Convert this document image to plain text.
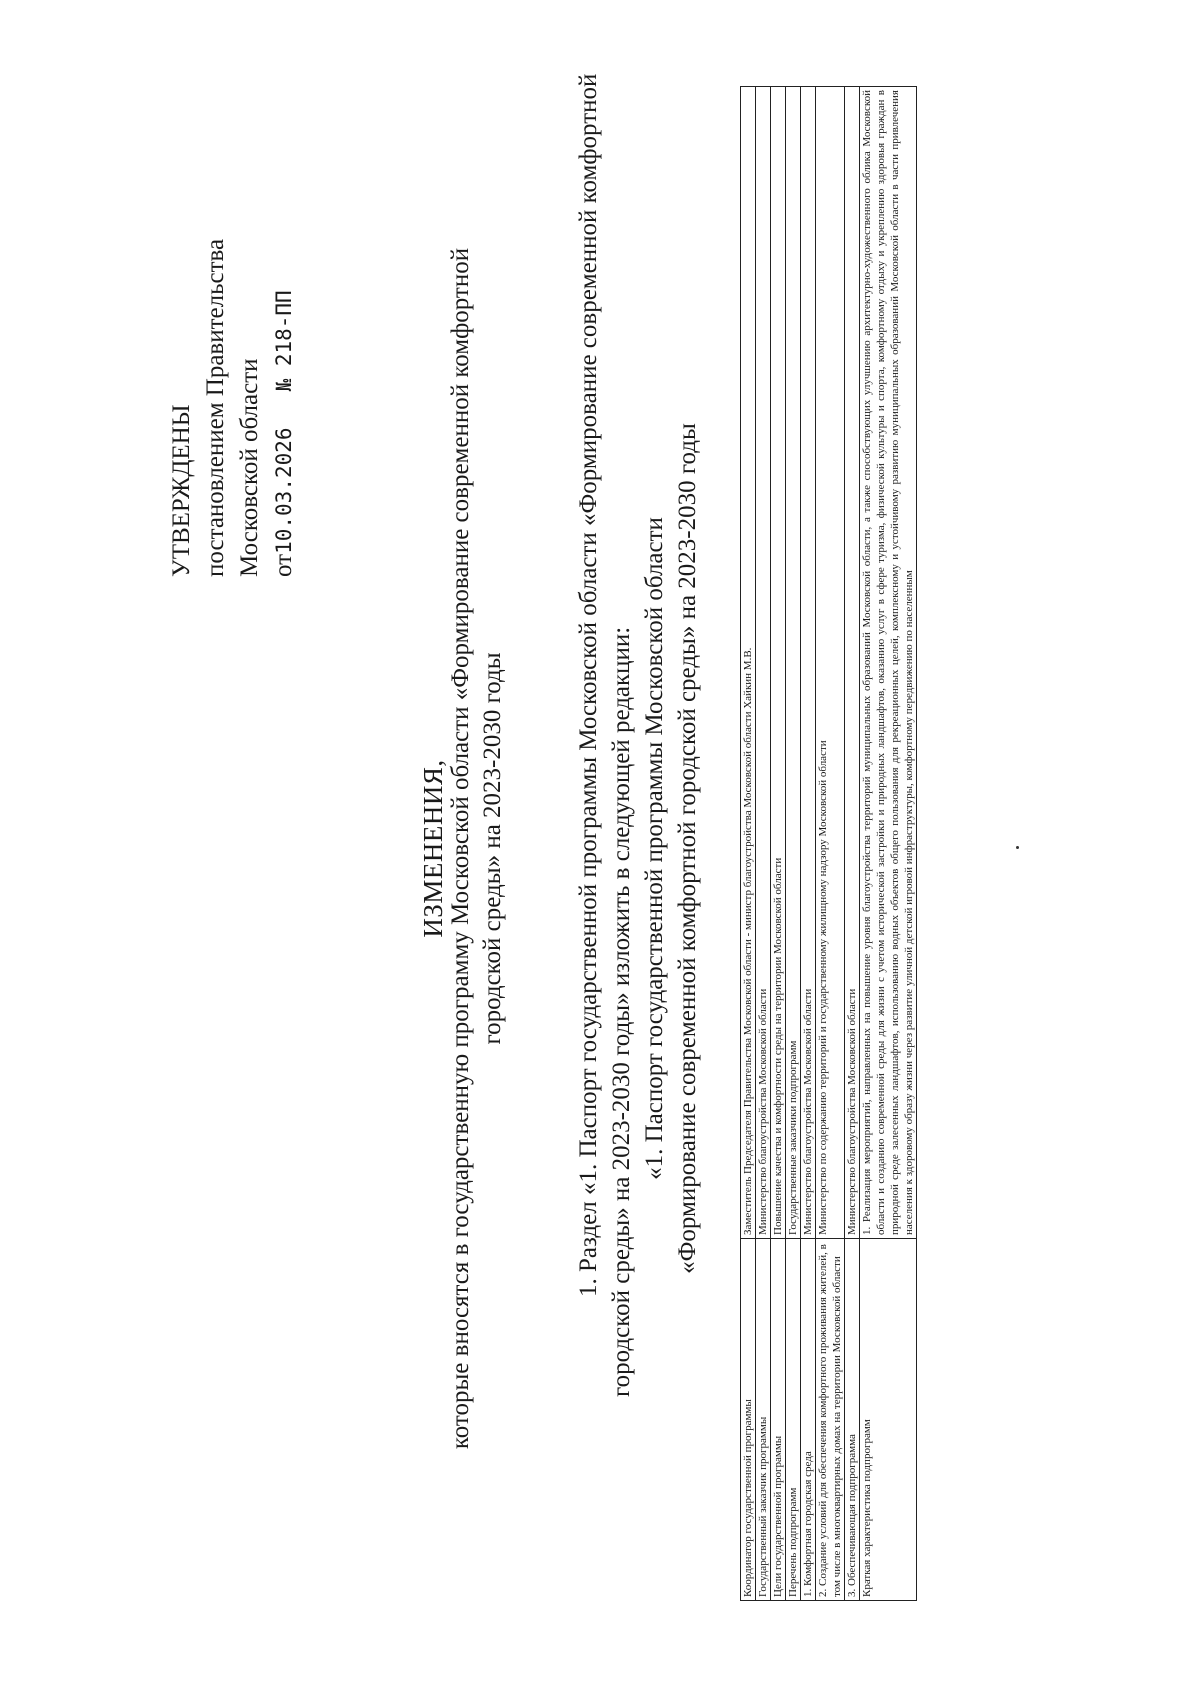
УТВЕРЖДЕНЫ постановлением Правительства Московской области от10.03.2026№ 218-ПП
ИЗМЕНЕНИЯ, которые вносятся в государственную программу Московской области «Формирование современной комфортной городской среды» на 2023-2030 годы	1. Раздел «1. Паспорт государственной программы Московской области «Формирование современной комфортной городской среды» на 2023-2030 годы» изложить в следующей редакции: «1. Паспорт государственной программы Московской области «Формирование современной комфортной городской среды» на 2023-2030 годы
Координатор государственной программы	Заместитель Председателя Правительства Московской области - министр благоустройства Московской области Хайкин М.В.
Государственный заказчик программы	Министерство благоустройства Московской области
Цели государственной программы	Повышение качества и комфортности среды на территории Московской области
Перечень подпрограмм	Государственные заказчики подпрограмм
1. Комфортная городская среда	Министерство благоустройства Московской области
2. Создание условий для обеспечения комфортного проживания жителей, в том числе в многоквартирных домах на территории Московской области	Министерство по содержанию территорий и государственному жилищному надзору Московской области
3. Обеспечивающая подпрограмма	Министерство благоустройства Московской области
Краткая характеристика подпрограмм	1. Реализация мероприятий, направленных на повышение уровня благоустройства территорий муниципальных образований Московской области, а также способствующих улучшению архитектурно-художественного облика Московской области и созданию современной среды для жизни с учетом исторической застройки и природных ландшафтов, оказанию услуг в сфере туризма, физической культуры и спорта, комфортному отдыху и укреплению здоровья граждан в природной среде залесенных ландшафтов, использованию водных объектов общего пользования для рекреационных целей, комплексному и устойчивому развитию муниципальных образований Московской области в части привлечения населения к здоровому образу жизни через развитие уличной детской игровой инфраструктуры, комфортному передвижению по населенным
